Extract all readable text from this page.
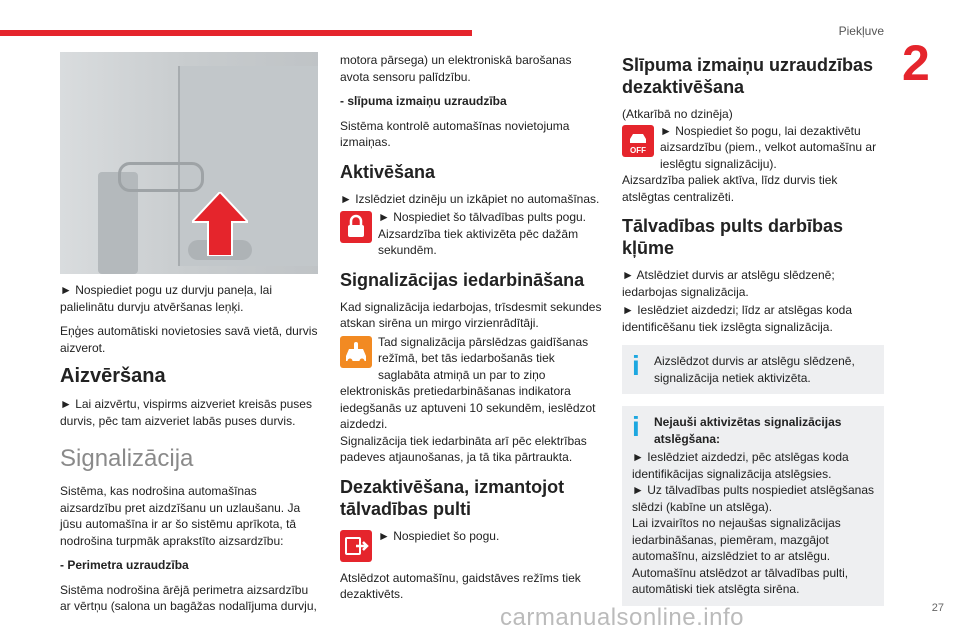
Piekļuve
2

► Nospiediet pogu uz durvju paneļa, lai palielinātu durvju atvēršanas leņķi.

Eņģes automātiski novietosies savā vietā, durvis aizverot.

Aizvēršana

► Lai aizvērtu, vispirms aizveriet kreisās puses durvis, pēc tam aizveriet labās puses durvis.

Signalizācija

Sistēma, kas nodrošina automašīnas aizsardzību pret aizdzīšanu un uzlaušanu. Ja jūsu automašīna ir ar šo sistēmu aprīkota, tā nodrošina turpmāk aprakstīto aizsardzību:

- Perimetra uzraudzība

Sistēma nodrošina ārējā perimetra aizsardzību ar vērtņu (salona un bagāžas nodalījuma durvju,

motora pārsega) un elektroniskā barošanas avota sensoru palīdzību.

- slīpuma izmaiņu uzraudzība

Sistēma kontrolē automašīnas novietojuma izmaiņas.

Aktivēšana

► Izslēdziet dzinēju un izkāpiet no automašīnas.

► Nospiediet šo tālvadības pults pogu. Aizsardzība tiek aktivizēta pēc dažām sekundēm.
Signalizācijas iedarbināšana

Kad signalizācija iedarbojas, trīsdesmit sekundes atskan sirēna un mirgo virzienrādītāji.

Tad signalizācija pārslēdzas gaidīšanas režīmā, bet tās iedarbošanās tiek saglabāta atmiņā un par to ziņo elektroniskās pretiedarbināšanas indikatora iedegšanās uz aptuveni 10 sekundēm, ieslēdzot aizdedzi.

Signalizācija tiek iedarbināta arī pēc elektrības padeves atjaunošanas, ja tā tika pārtraukta.

Dezaktivēšana, izmantojot tālvadības pulti
► Nospiediet šo pogu.

Atslēdzot automašīnu, gaidstāves režīms tiek dezaktivēts.

Slīpuma izmaiņu uzraudzības dezaktivēšana

(Atkarībā no dzinēja)

OFF
► Nospiediet šo pogu, lai dezaktivētu aizsardzību (piem., velkot automašīnu ar ieslēgtu signalizāciju).

Aizsardzība paliek aktīva, līdz durvis tiek atslēgtas centralizēti.

Tālvadības pults darbības kļūme

► Atslēdziet durvis ar atslēgu slēdzenē; iedarbojas signalizācija.

► Ieslēdziet aizdedzi; līdz ar atslēgas koda identificēšanu tiek izslēgta signalizācija.

i Aizslēdzot durvis ar atslēgu slēdzenē, signalizācija netiek aktivizēta.
i Nejauši aktivizētas signalizācijas atslēgšana:
► Ieslēdziet aizdedzi, pēc atslēgas koda identifikācijas signalizācija atslēgsies.
► Uz tālvadības pults nospiediet atslēgšanas slēdzi (kabīne un atslēga).
Lai izvairītos no nejaušas signalizācijas iedarbināšanas, piemēram, mazgājot automašīnu, aizslēdziet to ar atslēgu.
Automašīnu atslēdzot ar tālvadības pulti, automātiski tiek atslēgta sirēna.
carmanualsonline.info	27
